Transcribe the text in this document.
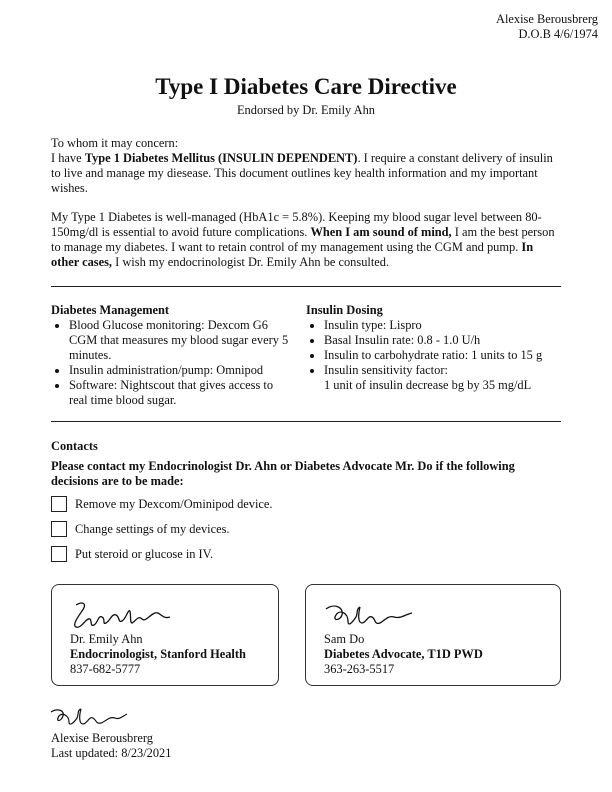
Alexise Berousbrerg
D.O.B 4/6/1974
Type I Diabetes Care Directive
Endorsed by Dr. Emily Ahn

To whom it may concern:

I have Type 1 Diabetes Mellitus (INSULIN DEPENDENT). I require a constant delivery of insulin to live and manage my diesease. This document outlines key health information and my important wishes.

My Type 1 Diabetes is well-managed (HbA1c = 5.8%). Keeping my blood sugar level between 80-150mg/dl is essential to avoid future complications. When I am sound of mind, I am the best person to manage my diabetes. I want to retain control of my management using the CGM and pump. In other cases, I wish my endocrinologist Dr. Emily Ahn be consulted.

Diabetes Management
• Blood Glucose monitoring: Dexcom G6 CGM that measures my blood sugar every 5 minutes.
• Insulin administration/pump: Omnipod
• Software: Nightscout that gives access to real time blood sugar.
Insulin Dosing
• Insulin type: Lispro
• Basal Insulin rate: 0.8 - 1.0 U/h
• Insulin to carbohydrate ratio: 1 units to 15 g
• Insulin sensitivity factor:
1 unit of insulin decrease bg by 35 mg/dL
Contacts
Please contact my Endocrinologist Dr. Ahn or Diabetes Advocate Mr. Do if the following decisions are to be made:
Remove my Dexcom/Ominipod device.
Change settings of my devices.
Put steroid or glucose in IV.
Dr. Emily Ahn
Endocrinologist, Stanford Health
837-682-5777
Sam Do
Diabetes Advocate, T1D PWD
363-263-5517
Alexise Berousbrerg
Last updated: 8/23/2021
